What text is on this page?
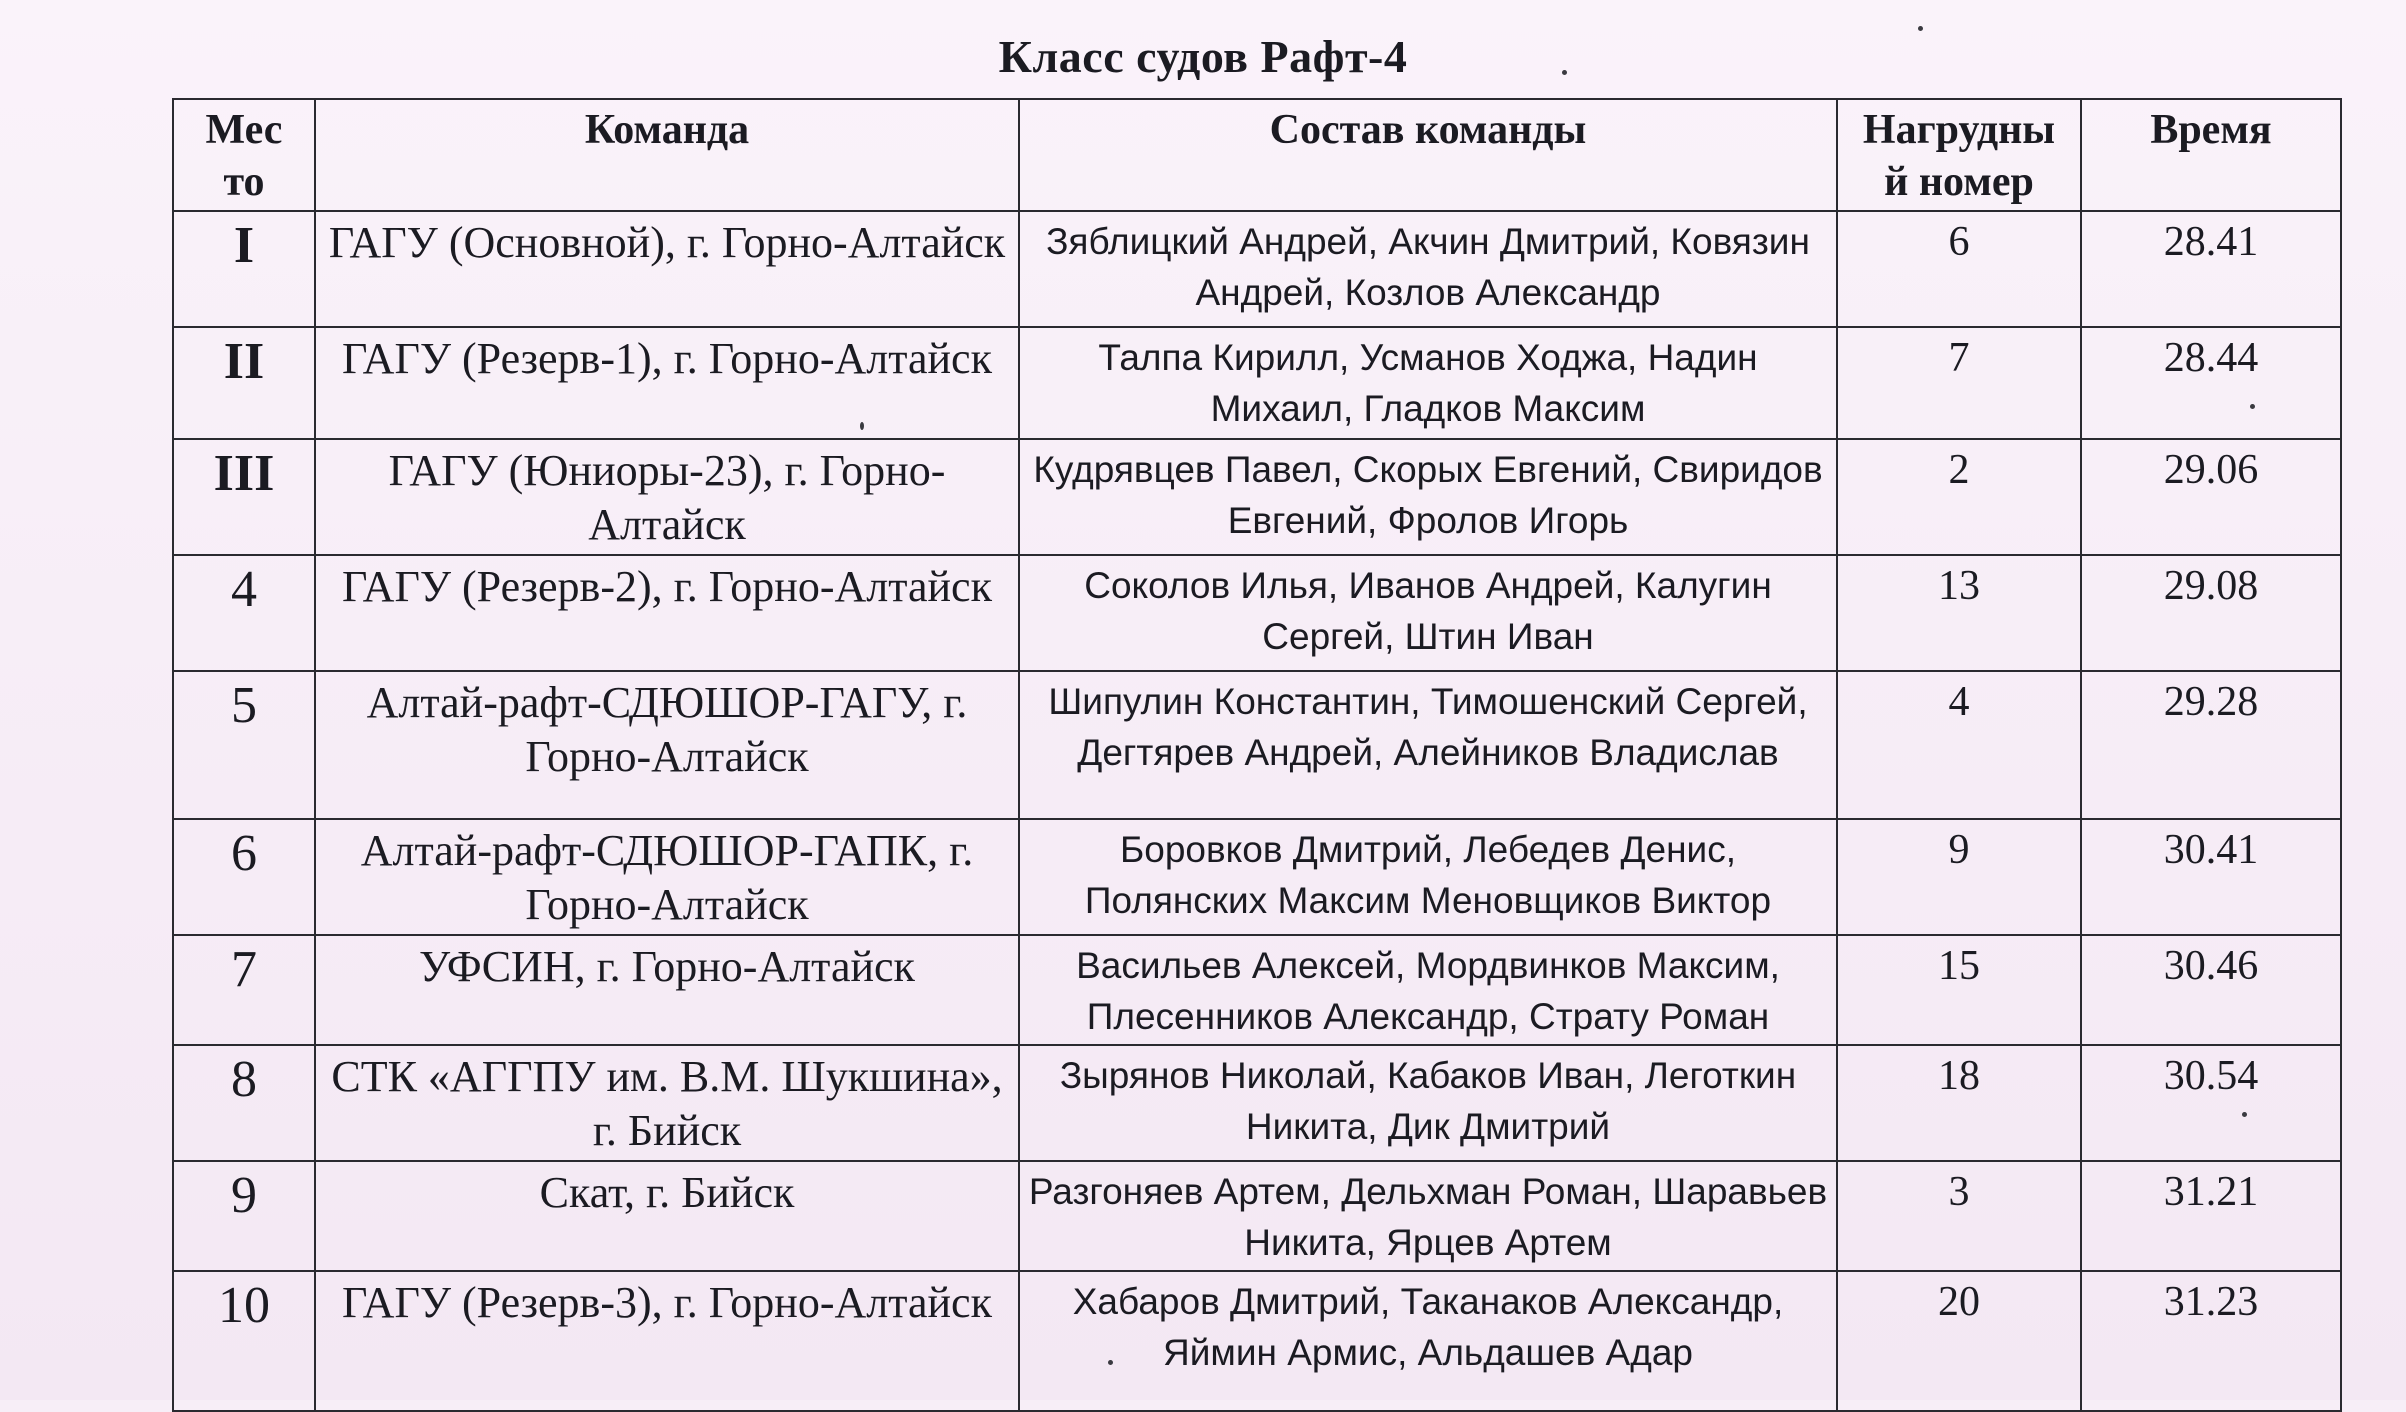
Класс судов Рафт-4
Мес то	Команда	Состав команды	Нагрудны й номер	Время
I	ГАГУ (Основной), г. Горно-Алтайск	Зяблицкий Андрей, Акчин Дмитрий, Ковязин Андрей, Козлов Александр	6	28.41
II	ГАГУ (Резерв-1), г. Горно-Алтайск	Талпа Кирилл, Усманов Ходжа, Надин Михаил, Гладков Максим	7	28.44
III	ГАГУ (Юниоры-23), г. Горно-Алтайск	Кудрявцев Павел, Скорых Евгений, Свиридов Евгений, Фролов Игорь	2	29.06
4	ГАГУ (Резерв-2), г. Горно-Алтайск	Соколов Илья, Иванов Андрей, Калугин Сергей, Штин Иван	13	29.08
5	Алтай-рафт-СДЮШОР-ГАГУ, г. Горно-Алтайск	Шипулин Константин, Тимошенский Сергей, Дегтярев Андрей, Алейников Владислав	4	29.28
6	Алтай-рафт-СДЮШОР-ГАПК, г. Горно-Алтайск	Боровков Дмитрий, Лебедев Денис, Полянских Максим Меновщиков Виктор	9	30.41
7	УФСИН, г. Горно-Алтайск	Васильев Алексей, Мордвинков Максим, Плесенников Александр, Страту Роман	15	30.46
8	СТК «АГГПУ им. В.М. Шукшина», г. Бийск	Зырянов Николай, Кабаков Иван, Леготкин Никита, Дик Дмитрий	18	30.54
9	Скат, г. Бийск	Разгоняев Артем, Дельхман Роман, Шаравьев Никита, Ярцев Артем	3	31.21
10	ГАГУ (Резерв-3), г. Горно-Алтайск	Хабаров Дмитрий, Таканаков Александр, Яймин Армис, Альдашев Адар	20	31.23
